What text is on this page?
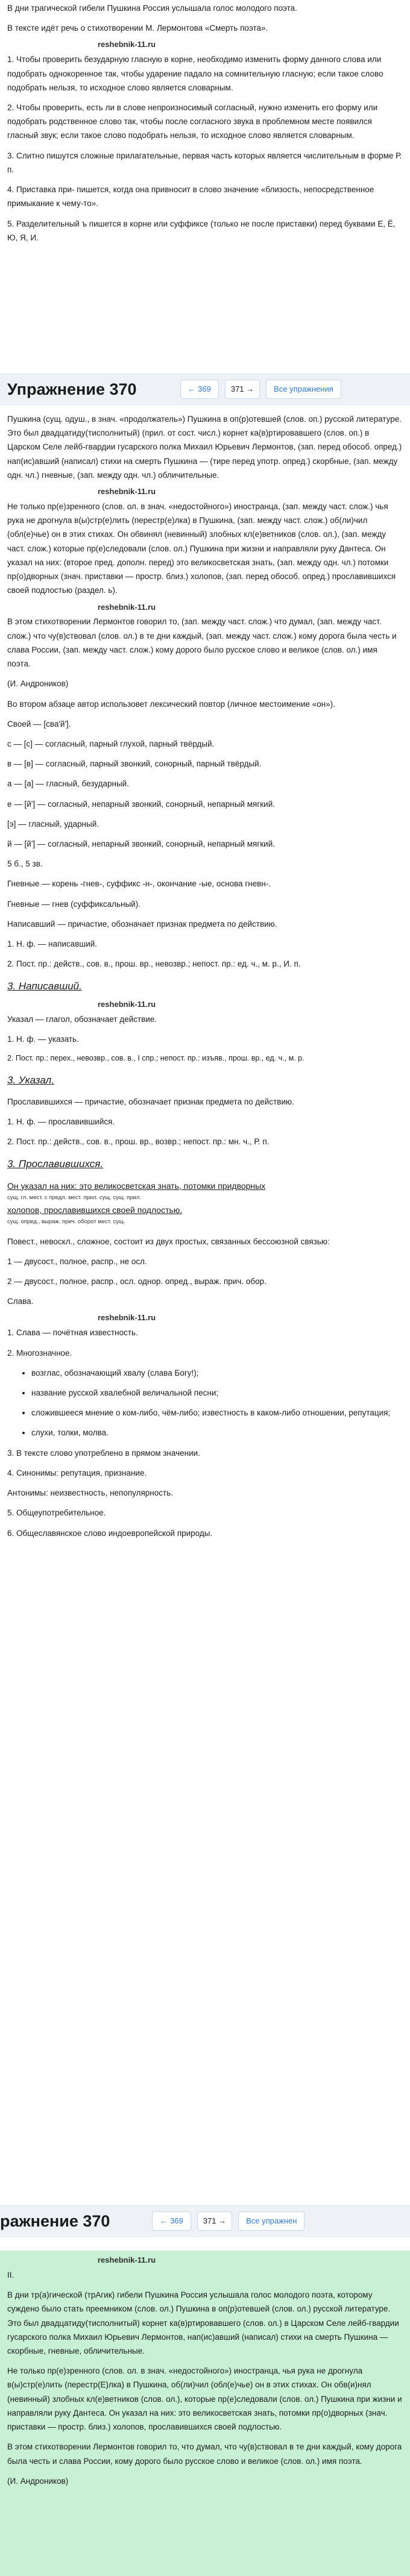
В дни трагической гибели Пушкина Россия услышала голос молодого поэта.
В тексте идёт речь о стихотворении М. Лермонтова «Смерть поэта».
reshebnik-11.ru
1. Чтобы проверить безударную гласную в корне, необходимо изменить форму данного слова или подобрать однокоренное так, чтобы ударение падало на сомнительную гласную; если такое слово подобрать нельзя, то исходное слово является словарным.
2. Чтобы проверить, есть ли в слове непроизносимый согласный, нужно изменить его форму или подобрать родственное слово так, чтобы после согласного звука в проблемном месте появился гласный звук; если такое слово подобрать нельзя, то исходное слово является словарным.
3. Слитно пишутся сложные прилагательные, первая часть которых является числительным в форме Р. п.
4. Приставка при- пишется, когда она привносит в слово значение «близость, непосредственное примыкание к чему-то».
5. Разделительный ъ пишется в корне или суффиксе (только не после приставки) перед буквами Е, Ё, Ю, Я, И.
Упражнение 370	← 369	371 →	Все упражнения
Пушкина (сущ. одуш., в знач. «продолжатель») Пушкина в оп(р)отевшей (слов. оп.) русской литературе. Это был двадцатиду(тисполнитый) (прил. от сост. числ.) корнет ка(в)ртировавшего (слов. оп.) в Царском Селе лейб-гвардии гусарского полка Михаил Юрьевич Лермонтов, (зап. перед обособ. опред.) нап(ис)авший (написал) стихи на смерть Пушкина — (тире перед употр. опред.) скорбные, (зап. между одн. чл.) гневные, (зап. между одн. чл.) обличительные.
reshebnik-11.ru
Не только пр(е)зренного (слов. ол. в знач. «недостойного») иностранца, (зап. между част. слож.) чья рука не дрогнула в(ы)стр(е)лить (перестр(е)лка) в Пушкина, (зап. между част. слож.) об(ли)чил (обл(е)чье) он в этих стихах. Он обвинял (невинный) злобных кл(е)ветников (слов. ол.), (зап. между част. слож.) которые пр(е)следовали (слов. ол.) Пушкина при жизни и направляли руку Дантеса. Он указал на них: (второе пред. дополн. перед) это великосветская знать, (зап. между одн. чл.) потомки пр(о)дворных (знач. приставки — простр. близ.) холопов, (зап. перед обособ. опред.) прославившихся своей подлостью (раздел. ь).
reshebnik-11.ru
В этом стихотворении Лермонтов говорил то, (зап. между част. слож.) что думал, (зап. между част. слож.) что чу(в)ствовал (слов. ол.) в те дни каждый, (зап. между част. слож.) кому дорога была честь и слава России, (зап. между част. слож.) кому дорого было русское слово и великое (слов. ол.) имя поэта.
(И. Андроников)
Во втором абзаце автор использовет лексический повтор (личное местоимение «он»).
Своей — [сва'й'].
с — [с] — согласный, парный глухой, парный твёрдый.
в — [в] — согласный, парный звонкий, сонорный, парный твёрдый.
а — [а] — гласный, безударный.
е — [й'] — согласный, непарный звонкий, сонорный, непарный мягкий.
[э] — гласный, ударный.
й — [й'] — согласный, непарный звонкий, сонорный, непарный мягкий.
5 б., 5 зв.
Гневные — корень -гнев-, суффикс -н-, окончание -ые, основа гневн-.
Гневные — гнев (суффиксальный).
Написавший — причастие, обозначает признак предмета по действию.
1. Н. ф. — написавший.
2. Пост. пр.: действ., сов. в., прош. вр., невозвр.; непост. пр.: ед. ч., м. р., И. п.
3. Написавший.
reshebnik-11.ru
Указал — глагол, обозначает действие.
1. Н. ф. — указать.
2. Пост. пр.: перех., невозвр., сов. в., I спр.; непост. пр.: изъяв., прош. вр., ед. ч., м. р.
3. Указал.
Прославившихся — причастие, обозначает признак предмета по действию.
1. Н. ф. — прославившийся.
2. Пост. пр.: действ., сов. в., прош. вр., возвр.; непост. пр.: мн. ч., Р. п.
3. Прославившихся.
Он указал на них: это великосветская знать, потомки придворных
сущ. гл. мест. с предл. мест. прил. сущ. сущ. прил.
холопов, прославившихся своей подлостью.
сущ. опред., выраж. прич. оборот мест. сущ.
Повест., невоскл., сложное, состоит из двух простых, связанных бессоюзной связью:
1 — двусост., полное, распр., не осл.
2 — двусост., полное, распр., осл. однор. опред., выраж. прич. обор.
Слава.
reshebnik-11.ru
1. Слава — почётная известность.
2. Многозначное.
• возглас, обозначающий хвалу (слава Богу!);
• название русской хвалебной величальной песни;
• сложившееся мнение о ком-либо, чём-либо; известность в каком-либо отношении, репутация;
• слухи, толки, молва.
3. В тексте слово употреблено в прямом значении.
4. Синонимы: репутация, признание.
Антонимы: неизвестность, непопулярность.
5. Общеупотребительное.
6. Общеславянское слово индоевропейской природы.
ражнение 370	← 369	371 →	Все упражнен
reshebnik-11.ru
II.
В дни тр(а)гической (трАгик) гибели Пушкина Россия услышала голос молодого поэта, которому суждено было стать преемником (слов. ол.) Пушкина в оп(р)отевшей (слов. ол.) русской литературе. Это был двадцатиду(тисполнитый) корнет ка(в)ртировавшего (слов. ол.) в Царском Селе лейб-гвардии гусарского полка Михаил Юрьевич Лермонтов, нап(ис)авший (написал) стихи на смерть Пушкина — скорбные, гневные, обличительные.
Не только пр(е)зренного (слов. ол. в знач. «недостойного») иностранца, чья рука не дрогнула в(ы)стр(е)лить (перестр(Е)лка) в Пушкина, об(ли)чил (обл(е)чье) он в этих стихах. Он обв(и)нял (невинный) злобных кл(е)ветников (слов. ол.), которые пр(е)следовали (слов. ол.) Пушкина при жизни и направляли руку Дантеса. Он указал на них: это великосветская знать, потомки пр(о)дворных (знач. приставки — простр. близ.) холопов, прославившихся своей подлостью.
В этом стихотворении Лермонтов говорил то, что думал, что чу(в)ствовал в те дни каждый, кому дорога была честь и слава России, кому дорого было русское слово и великое (слов. ол.) имя поэта.
(И. Андроников)
